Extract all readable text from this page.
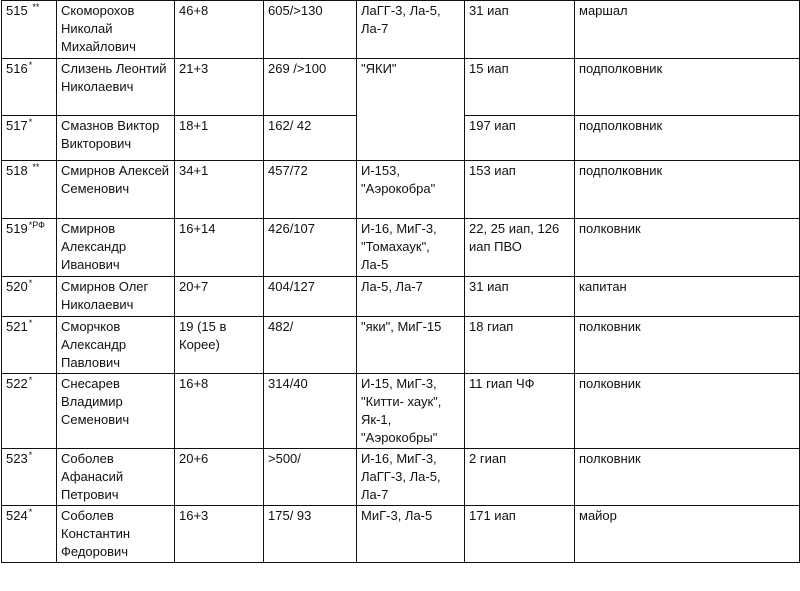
515 **	Скоморохов Николай Михайлович	46+8	605/>130	ЛаГГ-3, Ла-5, Ла-7	31 иап	маршал
516*	Слизень Леонтий Николаевич	21+3	269 />100	"ЯКИ"	15 иап	подполковник
517*	Смазнов Виктор Викторович	18+1	162/ 42		197 иап	подполковник
518 **	Смирнов Алексей Семенович	34+1	457/72	И-153, "Аэрокобра"	153 иап	подполковник
$519^{*РФ}$	Смирнов Александр Иванович	16+14	426/107	И-16, МиГ-3, "Томахаук", Ла-5	22, 25 иап, 126 иап ПВО	полковник
520*	Смирнов Олег Николаевич	20+7	404/127	Ла-5, Ла-7	31 иап	капитан
521*	Сморчков Александр Павлович	19 (15 в Корее)	482/	"яки", МиГ-15	18 гиап	полковник
522*	Снесарев Владимир Семенович	16+8	314/40	И-15, МиГ-3, "Китти- хаук", Як-1, "Аэрокобры"	11 гиап ЧФ	полковник
523*	Соболев Афанасий Петрович	20+6	>500/	И-16, МиГ-3, ЛаГГ-3, Ла-5, Ла-7	2 гиап	полковник
524*	Соболев Константин Федорович	16+3	175/ 93	МиГ-3, Ла-5	171 иап	майор
